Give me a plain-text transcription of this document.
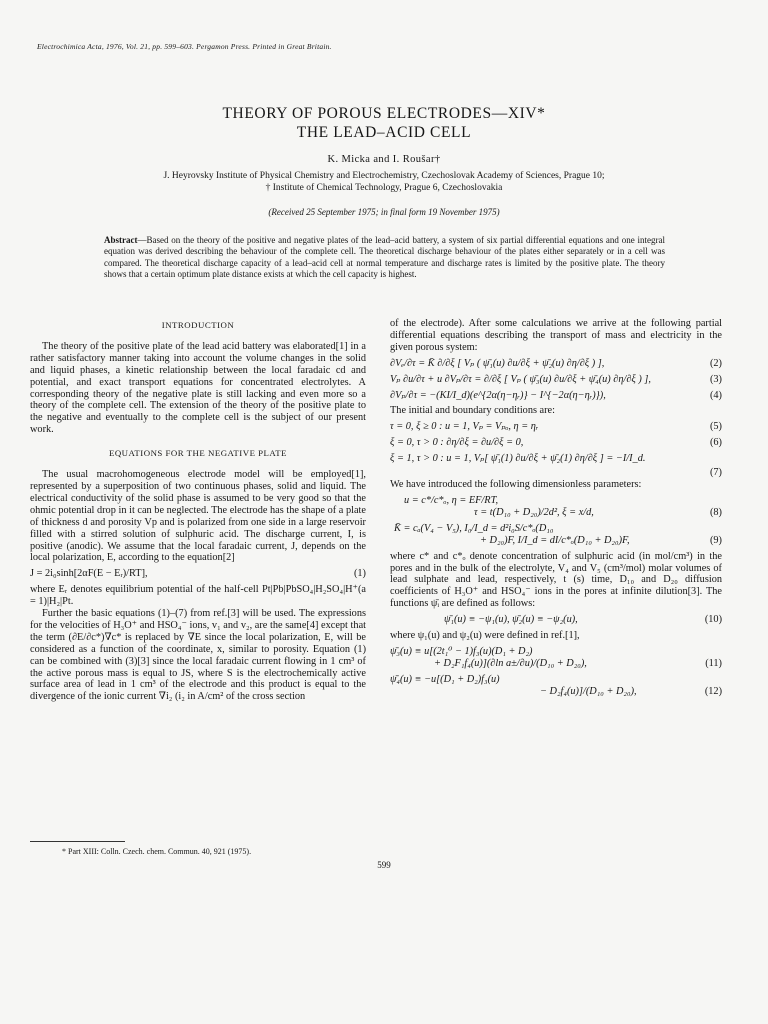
Electrochimica Acta, 1976, Vol. 21, pp. 599–603. Pergamon Press. Printed in Great Britain.
THEORY OF POROUS ELECTRODES—XIV*
THE LEAD–ACID CELL
K. Micka and I. Roušar†
J. Heyrovsky Institute of Physical Chemistry and Electrochemistry, Czechoslovak Academy of Sciences, Prague 10;
† Institute of Chemical Technology, Prague 6, Czechoslovakia
(Received 25 September 1975; in final form 19 November 1975)
Abstract—Based on the theory of the positive and negative plates of the lead–acid battery, a system of six partial differential equations and one integral equation was derived describing the behaviour of the complete cell. The theoretical discharge behaviour of the plates either separately or in a cell was compared. The theoretical discharge capacity of a lead–acid cell at normal temperature and discharge rates is limited by the positive plate. The theory shows that a certain optimum plate distance exists at which the cell capacity is highest.
INTRODUCTION

The theory of the positive plate of the lead acid battery was elaborated[1] in a rather satisfactory manner taking into account the volume changes in the solid and liquid phases, a kinetic relationship between the local faradaic cd and potential, and exact transport equations for concentrated electrolytes. A corresponding theory of the negative plate is still lacking and even more so a theory of the complete cell. The extension of the theory of the positive plate to the negative and eventually to the complete cell is the subject of our present work.

EQUATIONS FOR THE NEGATIVE PLATE

The usual macrohomogeneous electrode model will be employed[1], represented by a superposition of two continuous phases, solid and liquid. The electrical conductivity of the solid phase is assumed to be very good so that the ohmic potential drop in it can be neglected. The electrode has the shape of a plate of thickness d and porosity Vp and is polarized from one side in a large reservoir filled with a stirred solution of sulphuric acid. The discharge current, I, is positive (anodic). We assume that the local faradaic current, J, depends on the local polarization, E, according to the equation[2]

J = 2i₀sinh[2αF(E − Eᵣ)/RT],	(1)

where Eᵣ denotes equilibrium potential of the half-cell Pt|Pb|PbSO₄|H₂SO₄|H⁺(a = 1)|H₂|Pt.

Further the basic equations (1)–(7) from ref.[3] will be used. The expressions for the velocities of H₃O⁺ and HSO₄⁻ ions, v₁ and v₂, are the same[4] except that the term (∂E/∂c*)∇c* is replaced by ∇E since the local polarization, E, will be considered as a function of the coordinate, x, similar to porosity. Equation (1) can be combined with (3)[3] since the local faradaic current flowing in 1 cm³ of the active porous mass is equal to JS, where S is the electrochemically active surface area of lead in 1 cm³ of the electrode and this product is equal to the divergence of the ionic current ∇i₂ (i₂ in A/cm² of the cross section

of the electrode). After some calculations we arrive at the following partial differential equations describing the transport of mass and electricity in the given porous system:

∂Vₑ/∂τ = K̄ ∂/∂ξ [ Vₚ ( ψ̄₁(u) ∂u/∂ξ + ψ̄₂(u) ∂η/∂ξ ) ],	(2)
Vₚ ∂u/∂τ + u ∂Vₚ/∂τ = ∂/∂ξ [ Vₚ ( ψ̄₃(u) ∂u/∂ξ + ψ̄₄(u) ∂η/∂ξ ) ],	(3)
∂Vₚ/∂τ = −(KI/I_d)(e^{2α(η−ηᵣ)} − I^{−2α(η−ηᵣ)}),	(4)

The initial and boundary conditions are:

τ = 0, ξ ≥ 0 : u = 1, Vₚ = Vₚₒ, η = ηᵣ	(5)
ξ = 0, τ > 0 : ∂η/∂ξ = ∂u/∂ξ = 0,	(6)
ξ = 1, τ > 0 : u = 1, Vₚ[ ψ̄₁(1) ∂u/∂ξ + ψ̄₂(1) ∂η/∂ξ ] = −I/I_d.
(7)

We have introduced the following dimensionless parameters:

u = c*/c*ₒ, η = EF/RT,
τ = t(D₁₀ + D₂₀)/2d², ξ = x/d,	(8)
K̄ = cₐ(V₄ − V₅), I₀/I_d = d²i₀S/c*ₒ(D₁₀
+ D₂₀)F, I/I_d = dI/c*ₒ(D₁₀ + D₂₀)F,	(9)

where c* and c*ₒ denote concentration of sulphuric acid (in mol/cm³) in the pores and in the bulk of the electrolyte, V₄ and V₅ (cm³/mol) molar volumes of lead sulphate and lead, respectively, t (s) time, D₁₀ and D₂₀ diffusion coefficients of H₃O⁺ and HSO₄⁻ ions in the pores at infinite dilution[3]. The functions ψ̄ᵢ are defined as follows:

ψ̄₁(u) ≡ −ψ₁(u), ψ̄₂(u) ≡ −ψ₂(u),	(10)

where ψ₁(u) and ψ₂(u) were defined in ref.[1],

ψ̄₃(u) ≡ u[(2t₁⁰ − 1)f₃(u)(D₁ + D₂)
+ D₂F₁f₄(u)](∂ln a±/∂u)/(D₁₀ + D₂₀),	(11)
ψ̄₄(u) ≡ −u[(D₁ + D₂)f₃(u)
− D₂f₄(u)]/(D₁₀ + D₂₀),	(12)
* Part XIII: Colln. Czech. chem. Commun. 40, 921 (1975).
599
